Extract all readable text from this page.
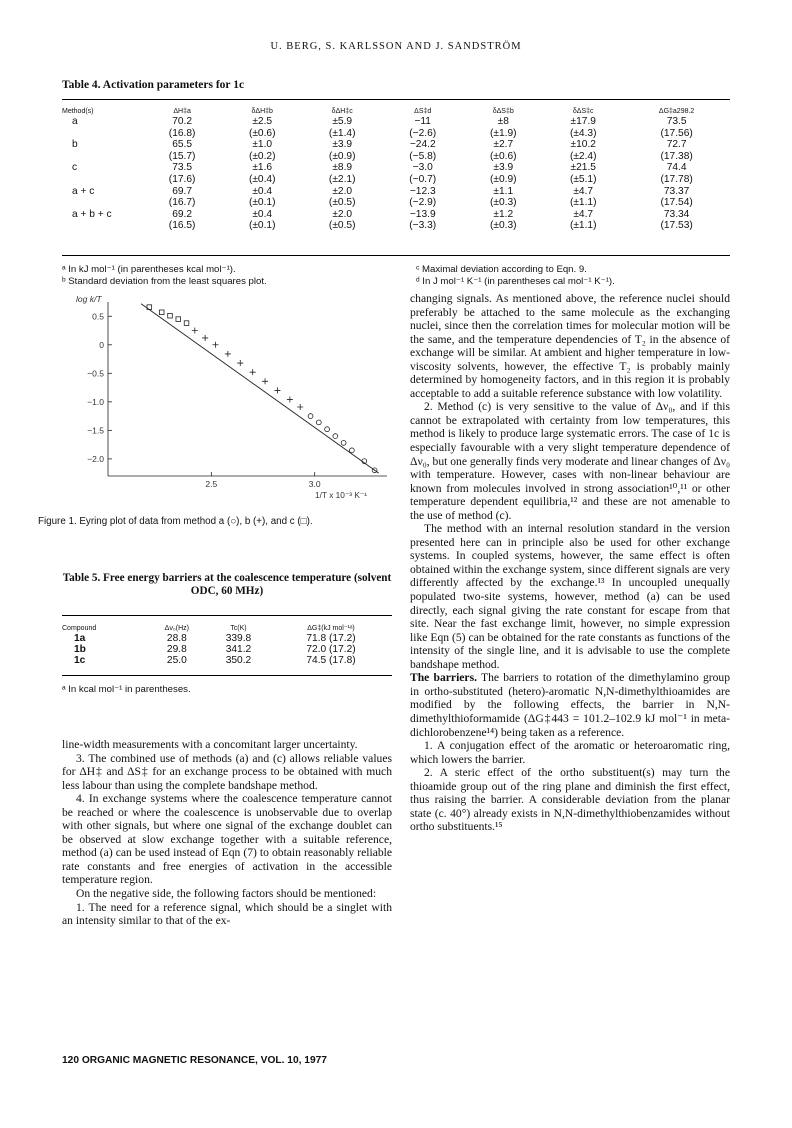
U. BERG, S. KARLSSON AND J. SANDSTRÖM
Table 4. Activation parameters for 1c
Method(s)	ΔH‡a	δΔH‡b	δΔH‡c	ΔS‡d	δΔS‡b	δΔS‡c	ΔG‡a298.2
a	70.2	±2.5	±5.9	−11	±8	±17.9	73.5
	(16.8)	(±0.6)	(±1.4)	(−2.6)	(±1.9)	(±4.3)	(17.56)
b	65.5	±1.0	±3.9	−24.2	±2.7	±10.2	72.7
	(15.7)	(±0.2)	(±0.9)	(−5.8)	(±0.6)	(±2.4)	(17.38)
c	73.5	±1.6	±8.9	−3.0	±3.9	±21.5	74.4
	(17.6)	(±0.4)	(±2.1)	(−0.7)	(±0.9)	(±5.1)	(17.78)
a + c	69.7	±0.4	±2.0	−12.3	±1.1	±4.7	73.37
	(16.7)	(±0.1)	(±0.5)	(−2.9)	(±0.3)	(±1.1)	(17.54)
a + b + c	69.2	±0.4	±2.0	−13.9	±1.2	±4.7	73.34
	(16.5)	(±0.1)	(±0.5)	(−3.3)	(±0.3)	(±1.1)	(17.53)
ᵃ In kJ mol⁻¹ (in parentheses kcal mol⁻¹).
ᵇ Standard deviation from the least squares plot.
ᶜ Maximal deviation according to Eqn. 9.
ᵈ In J mol⁻¹ K⁻¹ (in parentheses cal mol⁻¹ K⁻¹).
log k/T
0.5
0
−0.5
−1.0
−1.5
−2.0
2.5	3.0
1/T x 10⁻³ K⁻¹
Figure 1. Eyring plot of data from method a (○), b (+), and c (□).
Table 5. Free energy barriers at the coalescence temperature (solvent ODC, 60 MHz)
Compound	Δν₀(Hz)	Tc(K)	ΔG‡(kJ mol⁻¹ᵃ)
1a	28.8	339.8	71.8 (17.2)
1b	29.8	341.2	72.0 (17.2)
1c	25.0	350.2	74.5 (17.8)
ᵃ In kcal mol⁻¹ in parentheses.

line-width measurements with a concomitant larger uncertainty.

3. The combined use of methods (a) and (c) allows reliable values for ΔH‡ and ΔS‡ for an exchange process to be obtained with much less labour than using the complete bandshape method.

4. In exchange systems where the coalescence temperature cannot be reached or where the coalescence is unobservable due to overlap with other signals, but where one signal of the exchange doublet can be observed at slow exchange together with a suitable reference, method (a) can be used instead of Eqn (7) to obtain reasonably reliable rate constants and free energies of activation in the accessible temperature region.

On the negative side, the following factors should be mentioned:

1. The need for a reference signal, which should be a singlet with an intensity similar to that of the ex-

changing signals. As mentioned above, the reference nuclei should preferably be attached to the same molecule as the exchanging nuclei, since then the correlation times for molecular motion will be the same, and the temperature dependencies of T₂ in the absence of exchange will be similar. At ambient and higher temperature in low-viscosity solvents, however, the effective T₂ is probably mainly determined by homogeneity factors, and in this region it is probably acceptable to add a suitable reference substance with low volatility.

2. Method (c) is very sensitive to the value of Δν₀, and if this cannot be extrapolated with certainty from low temperatures, this method is likely to produce large systematic errors. The case of 1c is especially favourable with a very slight temperature dependence of Δν₀, but one generally finds very moderate and linear changes of Δν₀ with temperature. However, cases with non-linear behaviour are known from molecules involved in strong association¹⁰,¹¹ or other temperature dependent equilibria,¹² and these are not amenable to the use of method (c).

The method with an internal resolution standard in the version presented here can in principle also be used for other exchange systems. In coupled systems, however, the same effect is often obtained within the exchange system, since different signals are very differently affected by the exchange.¹³ In uncoupled unequally populated two-site systems, however, method (a) can be used directly, each signal giving the rate constant for escape from that site. Near the fast exchange limit, however, no simple expression like Eqn (5) can be obtained for the rate constants as functions of the intensity of the single line, and it is advisable to use the complete bandshape method.

The barriers. The barriers to rotation of the dimethylamino group in ortho-substituted (hetero)-aromatic N,N-dimethylthioamides are modified by the following effects, the barrier in N,N-dimethylthioformamide (ΔG‡443 = 101.2–102.9 kJ mol⁻¹ in meta-dichlorobenzene¹⁴) being taken as a reference.

1. A conjugation effect of the aromatic or heteroaromatic ring, which lowers the barrier.

2. A steric effect of the ortho substituent(s) may turn the thioamide group out of the ring plane and diminish the first effect, thus raising the barrier. A considerable deviation from the planar state (c. 40°) already exists in N,N-dimethylthiobenzamides without ortho substituents.¹⁵

120 ORGANIC MAGNETIC RESONANCE, VOL. 10, 1977
